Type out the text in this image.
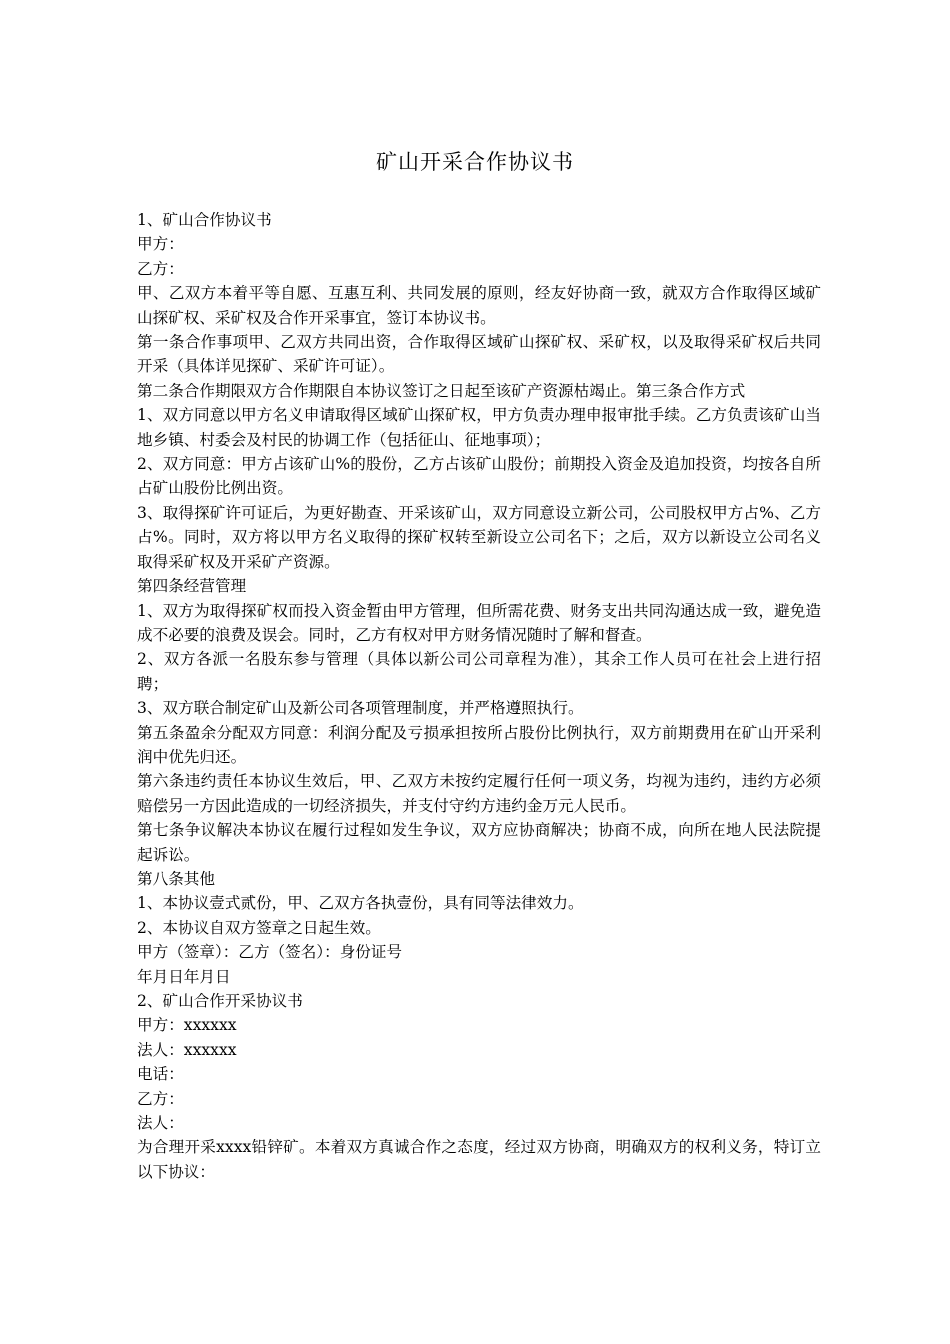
矿山开采合作协议书

1、矿山合作协议书

甲方：

乙方：

甲、乙双方本着平等自愿、互惠互利、共同发展的原则，经友好协商一致，就双方合作取得区域矿山探矿权、采矿权及合作开采事宜，签订本协议书。

第一条合作事项甲、乙双方共同出资，合作取得区域矿山探矿权、采矿权，以及取得采矿权后共同开采（具体详见探矿、采矿许可证）。

第二条合作期限双方合作期限自本协议签订之日起至该矿产资源枯竭止。第三条合作方式

1、双方同意以甲方名义申请取得区域矿山探矿权，甲方负责办理申报审批手续。乙方负责该矿山当地乡镇、村委会及村民的协调工作（包括征山、征地事项）；

2、双方同意：甲方占该矿山%的股份，乙方占该矿山股份；前期投入资金及追加投资，均按各自所占矿山股份比例出资。

3、取得探矿许可证后，为更好勘查、开采该矿山，双方同意设立新公司，公司股权甲方占%、乙方占%。同时，双方将以甲方名义取得的探矿权转至新设立公司名下；之后，双方以新设立公司名义取得采矿权及开采矿产资源。

第四条经营管理

1、双方为取得探矿权而投入资金暂由甲方管理，但所需花费、财务支出共同沟通达成一致，避免造成不必要的浪费及误会。同时，乙方有权对甲方财务情况随时了解和督查。

2、双方各派一名股东参与管理（具体以新公司公司章程为准），其余工作人员可在社会上进行招聘；

3、双方联合制定矿山及新公司各项管理制度，并严格遵照执行。

第五条盈余分配双方同意：利润分配及亏损承担按所占股份比例执行，双方前期费用在矿山开采利润中优先归还。

第六条违约责任本协议生效后，甲、乙双方未按约定履行任何一项义务，均视为违约，违约方必须赔偿另一方因此造成的一切经济损失，并支付守约方违约金万元人民币。

第七条争议解决本协议在履行过程如发生争议，双方应协商解决；协商不成，向所在地人民法院提起诉讼。

第八条其他

1、本协议壹式贰份，甲、乙双方各执壹份，具有同等法律效力。

2、本协议自双方签章之日起生效。

甲方（签章）：乙方（签名）：身份证号

年月日年月日

2、矿山合作开采协议书

甲方：xxxxxx

法人：xxxxxx

电话：

乙方：

法人：

为合理开采xxxx铅锌矿。本着双方真诚合作之态度，经过双方协商，明确双方的权利义务，特订立以下协议：
